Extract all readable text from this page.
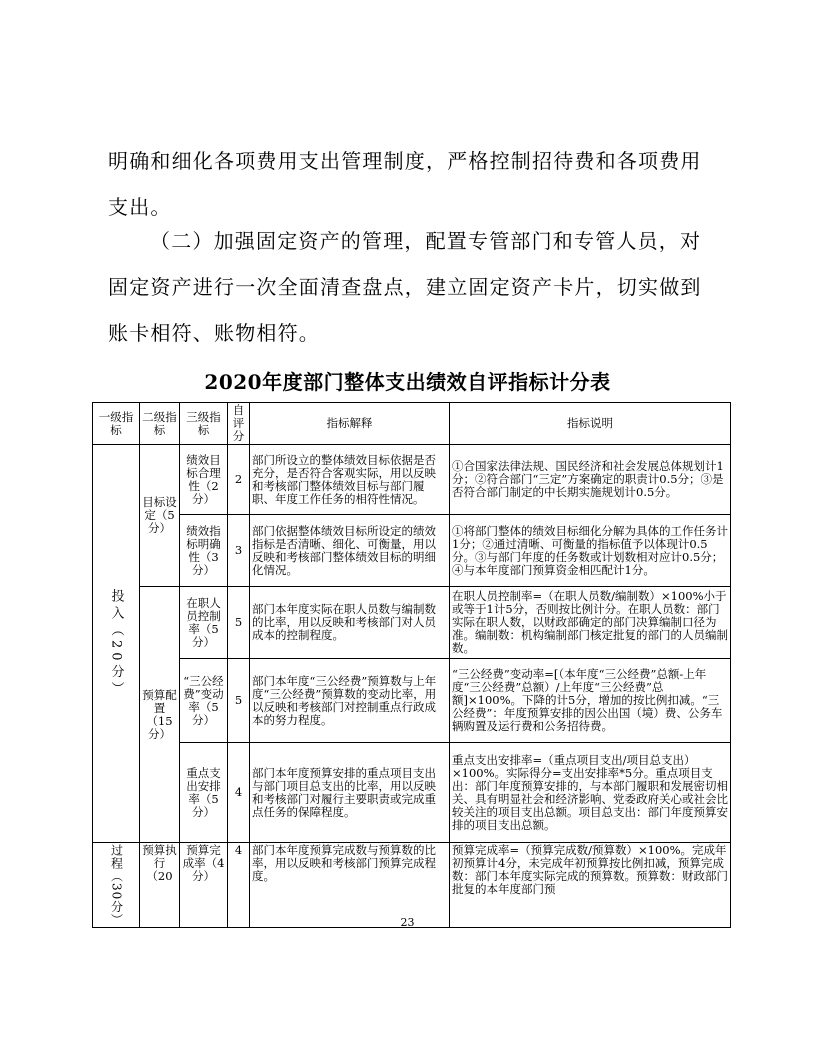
明确和细化各项费用支出管理制度，严格控制招待费和各项费用支出。
（二）加强固定资产的管理，配置专管部门和专管人员，对固定资产进行一次全面清查盘点，建立固定资产卡片，切实做到账卡相符、账物相符。
2020年度部门整体支出绩效自评指标计分表
一级指标	二级指标	三级指标	自评分	指标解释	指标说明

投入（20分）	目标设定（5分）	绩效目标合理性（2分）	2	部门所设立的整体绩效目标依据是否充分，是否符合客观实际，用以反映和考核部门整体绩效目标与部门履职、年度工作任务的相符性情况。	①合国家法律法规、国民经济和社会发展总体规划计1分；②符合部门“三定”方案确定的职责计0.5分；③是否符合部门制定的中长期实施规划计0.5分。
		绩效指标明确性（3分）	3	部门依据整体绩效目标所设定的绩效指标是否清晰、细化、可衡量，用以反映和考核部门整体绩效目标的明细化情况。	①将部门整体的绩效目标细化分解为具体的工作任务计1分；②通过清晰、可衡量的指标值予以体现计0.5分。③与部门年度的任务数或计划数相对应计0.5分；④与本年度部门预算资金相匹配计1分。
	预算配置（15分）	在职人员控制率（5分）	5	部门本年度实际在职人员数与编制数的比率，用以反映和考核部门对人员成本的控制程度。	在职人员控制率=（在职人员数/编制数）×100%小于或等于1计5分，否则按比例计分。在职人员数：部门实际在职人数，以财政部确定的部门决算编制口径为准。编制数：机构编制部门核定批复的部门的人员编制数。
		“三公经费”变动率（5分）	5	部门本年度“三公经费”预算数与上年度“三公经费”预算数的变动比率，用以反映和考核部门对控制重点行政成本的努力程度。	“三公经费”变动率=[（本年度“三公经费”总额-上年度“三公经费”总额）/上年度“三公经费”总额]×100%。下降的计5分，增加的按比例扣减。“三公经费”：年度预算安排的因公出国（境）费、公务车辆购置及运行费和公务招待费。
		重点支出安排率（5分）	4	部门本年度预算安排的重点项目支出与部门项目总支出的比率，用以反映和考核部门对履行主要职责或完成重点任务的保障程度。	重点支出安排率=（重点项目支出/项目总支出）×100%。实际得分=支出安排率*5分。重点项目支出：部门年度预算安排的，与本部门履职和发展密切相关、具有明显社会和经济影响、党委政府关心或社会比较关注的项目支出总额。项目总支出：部门年度预算安排的项目支出总额。

过程（30分）	预算执行（20	预算完成率（4分）	4	部门本年度预算完成数与预算数的比率，用以反映和考核部门预算完成程度。	预算完成率=（预算完成数/预算数）×100%。完成年初预算计4分，未完成年初预算按比例扣减，预算完成数：部门本年度实际完成的预算数。预算数：财政部门批复的本年度部门预
23
